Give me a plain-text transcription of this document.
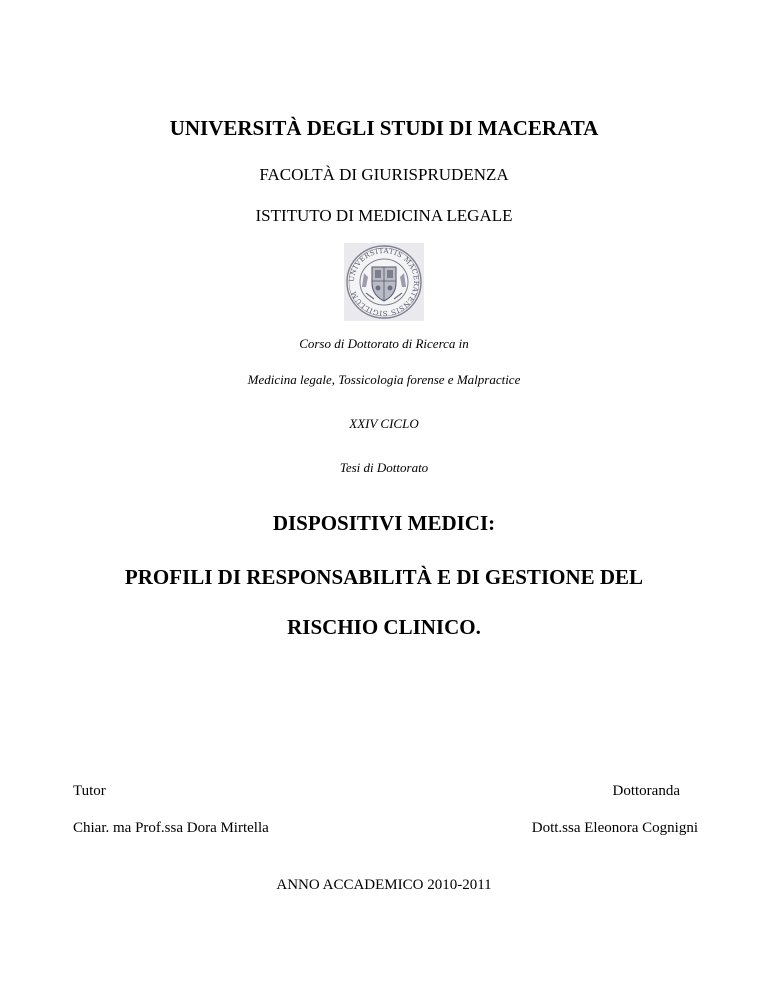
UNIVERSITÀ DEGLI STUDI DI MACERATA
FACOLTÀ DI GIURISPRUDENZA
ISTITUTO DI MEDICINA LEGALE
UNIVERSITATIS MACERATENSIS SIGILLUM
Corso di Dottorato di Ricerca in
Medicina legale, Tossicologia forense e Malpractice
XXIV CICLO
Tesi di Dottorato
DISPOSITIVI MEDICI:
PROFILI DI RESPONSABILITÀ E DI GESTIONE DEL
RISCHIO CLINICO.
Tutor
Chiar. ma Prof.ssa Dora Mirtella
Dottoranda
Dott.ssa Eleonora Cognigni
ANNO ACCADEMICO 2010-2011
